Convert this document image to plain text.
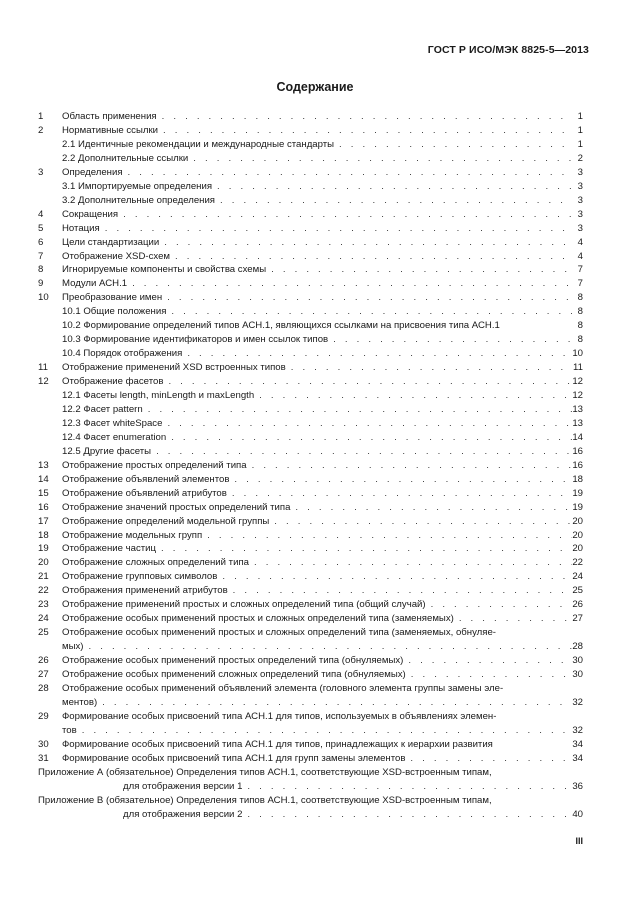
ГОСТ Р ИСО/МЭК 8825-5—2013
Содержание
1	Область применения . . .	1
2	Нормативные ссылки . . .	1
2.1 Идентичные рекомендации и международные стандарты . . .	1
2.2 Дополнительные ссылки . . .	2
3	Определения . . .	3
3.1 Импортируемые определения . . .	3
3.2 Дополнительные определения . . .	3
4	Сокращения . . .	3
5	Нотация . . .	3
6	Цели стандартизации . . .	4
7	Отображение XSD-схем . . .	4
8	Игнорируемые компоненты и свойства схемы . . .	7
9	Модули АСН.1 . . .	7
10	Преобразование имен . . .	8
10.1 Общие положения . . .	8
10.2 Формирование определений типов АСН.1, являющихся ссылками на присвоения типа АСН.1	8
10.3 Формирование идентификаторов и имен ссылок типов . . .	8
10.4 Порядок отображения . . .	10
11	Отображение применений XSD встроенных типов . . .	11
12	Отображение фасетов . . .	12
12.1 Фасеты length, minLength и maxLength . . .	12
12.2 Фасет pattern . . .	13
12.3 Фасет whiteSpace . . .	13
12.4 Фасет enumeration . . .	14
12.5 Другие фасеты . . .	16
13	Отображение простых определений типа . . .	16
14	Отображение объявлений элементов . . .	18
15	Отображение объявлений атрибутов . . .	19
16	Отображение значений простых определений типа . . .	19
17	Отображение определений модельной группы . . .	20
18	Отображение модельных групп . . .	20
19	Отображение частиц . . .	20
20	Отображение сложных определений типа . . .	22
21	Отображение групповых символов . . .	24
22	Отображения применений атрибутов . . .	25
23	Отображение применений простых и сложных определений типа (общий случай) . . .	26
24	Отображение особых применений простых и сложных определений типа (заменяемых) . . .	27
25	Отображение особых применений простых и сложных определений типа (заменяемых, обнуляе-
мых) . . .	28
26	Отображение особых применений простых определений типа (обнуляемых) . . .	30
27	Отображение особых применений сложных определений типа (обнуляемых) . . .	30
28	Отображение особых применений объявлений элемента (головного элемента группы замены эле-
ментов) . . .	32
29	Формирование особых присвоений типа АСН.1 для типов, используемых в объявлениях элемен-
тов . . .	32
30	Формирование особых присвоений типа АСН.1 для типов, принадлежащих к иерархии развития	34
31	Формирование особых присвоений типа АСН.1 для групп замены элементов . . .	34
Приложение А (обязательное) Определения типов АСН.1, соответствующие XSD-встроенным типам,
для отображения версии 1 . . .	36
Приложение В (обязательное) Определения типов АСН.1, соответствующие XSD-встроенным типам,
для отображения версии 2 . . .	40
III
